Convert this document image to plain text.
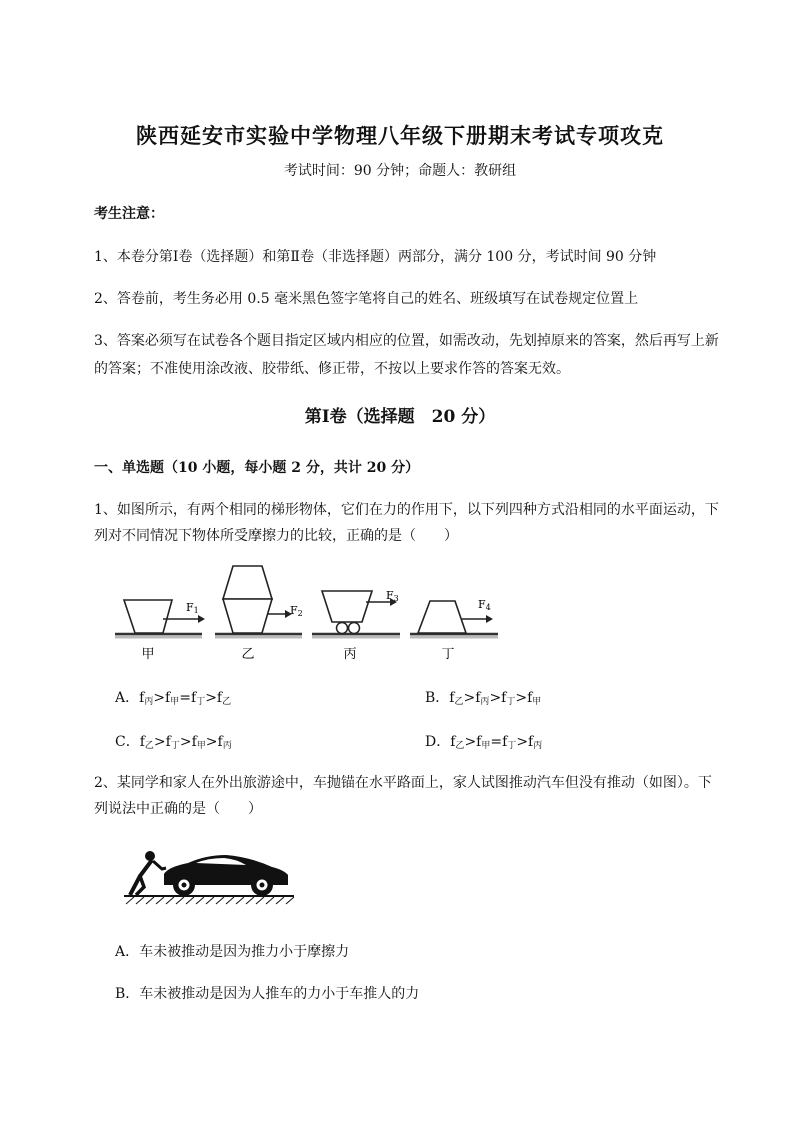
陕西延安市实验中学物理八年级下册期末考试专项攻克
考试时间：90 分钟；命题人：教研组
考生注意：
1、本卷分第Ⅰ卷（选择题）和第Ⅱ卷（非选择题）两部分，满分 100 分，考试时间 90 分钟
2、答卷前，考生务必用 0.5 毫米黑色签字笔将自己的姓名、班级填写在试卷规定位置上
3、答案必须写在试卷各个题目指定区域内相应的位置，如需改动，先划掉原来的答案，然后再写上新
的答案；不准使用涂改液、胶带纸、修正带，不按以上要求作答的答案无效。
第Ⅰ卷（选择题　20 分）
一、单选题（10 小题，每小题 2 分，共计 20 分）
1、如图所示，有两个相同的梯形物体，它们在力的作用下，以下列四种方式沿相同的水平面运动，下
列对不同情况下物体所受摩擦力的比较，正确的是（　　）
F1
甲
F2
乙
F3
丙
F4
丁
A．$f_丙>f_甲=f_丁>f_乙$	B．$f_乙>f_丙>f_丁>f_甲$
C．$f_乙>f_丁>f_甲>f_丙$	D．$f_乙>f_甲=f_丁>f_丙$
2、某同学和家人在外出旅游途中，车抛锚在水平路面上，家人试图推动汽车但没有推动（如图）。下
列说法中正确的是（　　）
A．车未被推动是因为推力小于摩擦力
B．车未被推动是因为人推车的力小于车推人的力
